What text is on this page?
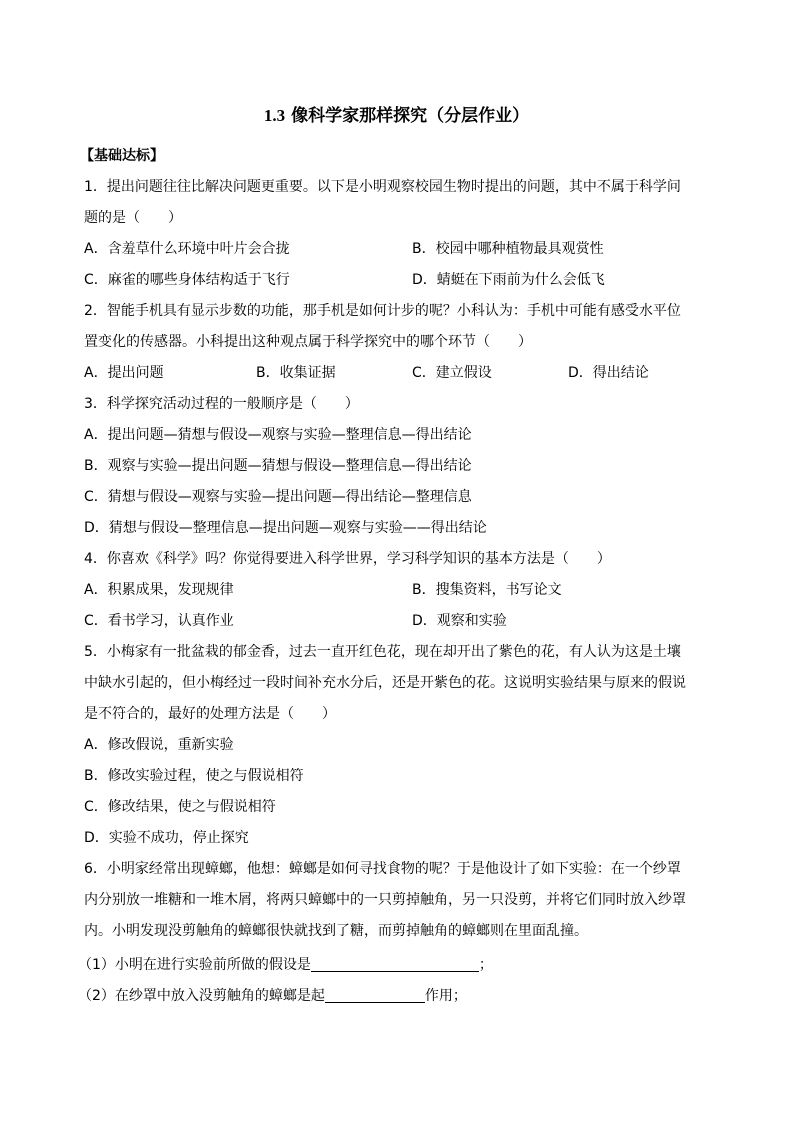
1.3 像科学家那样探究（分层作业）
【基础达标】
1．提出问题往往比解决问题更重要。以下是小明观察校园生物时提出的问题，其中不属于科学问
题的是（　　）
A．含羞草什么环境中叶片会合拢	B．校园中哪种植物最具观赏性
C．麻雀的哪些身体结构适于飞行	D．蜻蜓在下雨前为什么会低飞
2．智能手机具有显示步数的功能，那手机是如何计步的呢？小科认为：手机中可能有感受水平位
置变化的传感器。小科提出这种观点属于科学探究中的哪个环节（　　）
A．提出问题	B．收集证据	C．建立假设	D．得出结论
3．科学探究活动过程的一般顺序是（　　）
A．提出问题—猜想与假设—观察与实验—整理信息—得出结论
B．观察与实验—提出问题—猜想与假设—整理信息—得出结论
C．猜想与假设—观察与实验—提出问题—得出结论—整理信息
D．猜想与假设—整理信息—提出问题—观察与实验——得出结论
4．你喜欢《科学》吗？你觉得要进入科学世界，学习科学知识的基本方法是（　　）
A．积累成果，发现规律	B．搜集资料，书写论文
C．看书学习，认真作业	D．观察和实验
5．小梅家有一批盆栽的郁金香，过去一直开红色花，现在却开出了紫色的花，有人认为这是土壤
中缺水引起的，但小梅经过一段时间补充水分后，还是开紫色的花。这说明实验结果与原来的假说
是不符合的，最好的处理方法是（　　）
A．修改假说，重新实验
B．修改实验过程，使之与假说相符
C．修改结果，使之与假说相符
D．实验不成功，停止探究
6．小明家经常出现蟑螂，他想：蟑螂是如何寻找食物的呢？于是他设计了如下实验：在一个纱罩
内分别放一堆糖和一堆木屑，将两只蟑螂中的一只剪掉触角，另一只没剪，并将它们同时放入纱罩
内。小明发现没剪触角的蟑螂很快就找到了糖，而剪掉触角的蟑螂则在里面乱撞。
（1）小明在进行实验前所做的假设是	；
（2）在纱罩中放入没剪触角的蟑螂是起	作用；
